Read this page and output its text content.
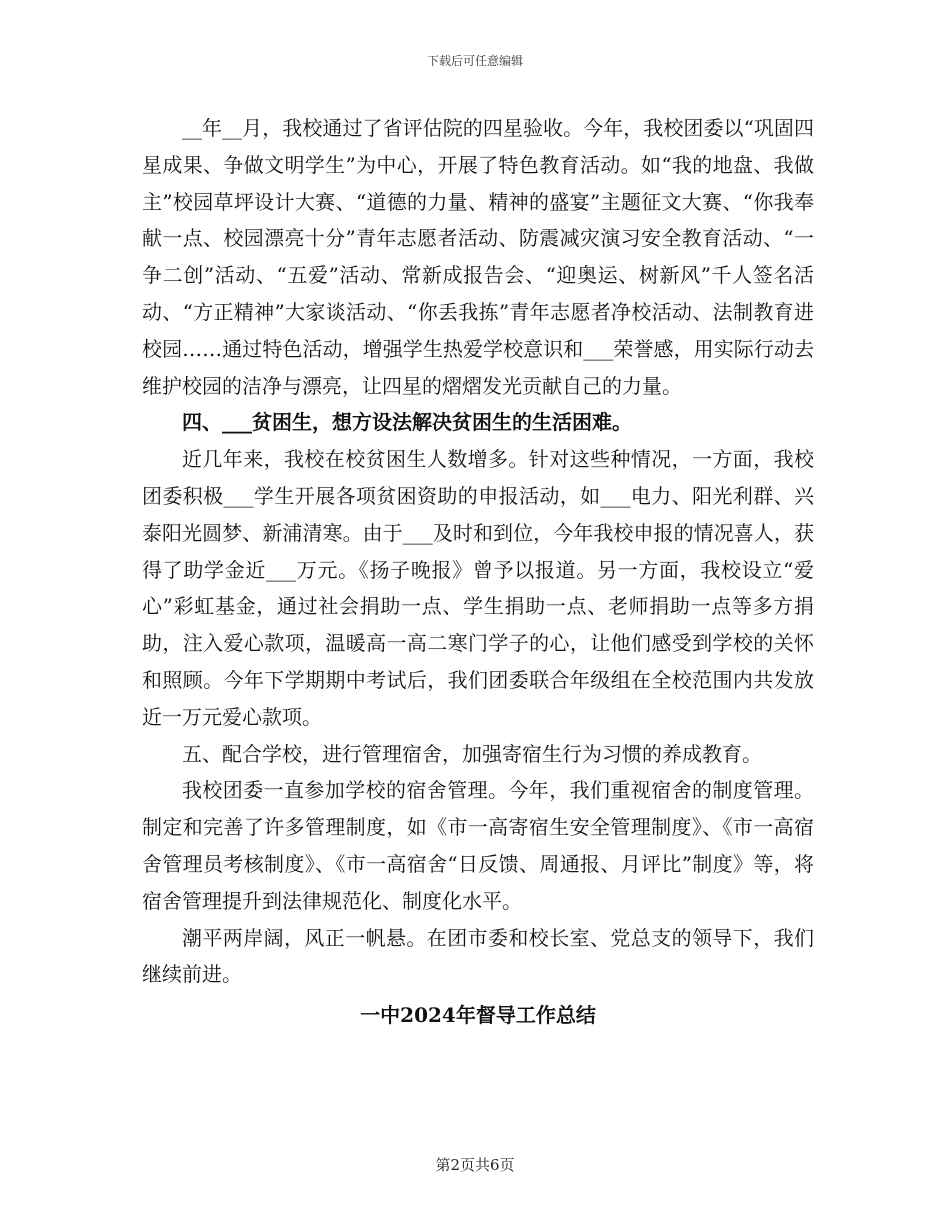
下载后可任意编辑

__年__月，我校通过了省评估院的四星验收。今年，我校团委以“巩固四星成果、争做文明学生”为中心，开展了特色教育活动。如“我的地盘、我做主”校园草坪设计大赛、“道德的力量、精神的盛宴”主题征文大赛、“你我奉献一点、校园漂亮十分”青年志愿者活动、防震减灾演习安全教育活动、“一争二创”活动、“五爱”活动、常新成报告会、“迎奥运、树新风”千人签名活动、“方正精神”大家谈活动、“你丢我拣”青年志愿者净校活动、法制教育进校园……通过特色活动，增强学生热爱学校意识和___荣誉感，用实际行动去维护校园的洁净与漂亮，让四星的熠熠发光贡献自己的力量。

四、___贫困生，想方设法解决贫困生的生活困难。

近几年来，我校在校贫困生人数增多。针对这些种情况，一方面，我校团委积极___学生开展各项贫困资助的申报活动，如___电力、阳光利群、兴泰阳光圆梦、新浦清寒。由于___及时和到位，今年我校申报的情况喜人，获得了助学金近___万元。《扬子晚报》曾予以报道。另一方面，我校设立“爱心”彩虹基金，通过社会捐助一点、学生捐助一点、老师捐助一点等多方捐助，注入爱心款项，温暖高一高二寒门学子的心，让他们感受到学校的关怀和照顾。今年下学期期中考试后，我们团委联合年级组在全校范围内共发放近一万元爱心款项。

五、配合学校，进行管理宿舍，加强寄宿生行为习惯的养成教育。

我校团委一直参加学校的宿舍管理。今年，我们重视宿舍的制度管理。制定和完善了许多管理制度，如《市一高寄宿生安全管理制度》、《市一高宿舍管理员考核制度》、《市一高宿舍“日反馈、周通报、月评比”制度》等，将宿舍管理提升到法律规范化、制度化水平。

潮平两岸阔，风正一帆悬。在团市委和校长室、党总支的领导下，我们继续前进。

一中2024年督导工作总结
第2页共6页
